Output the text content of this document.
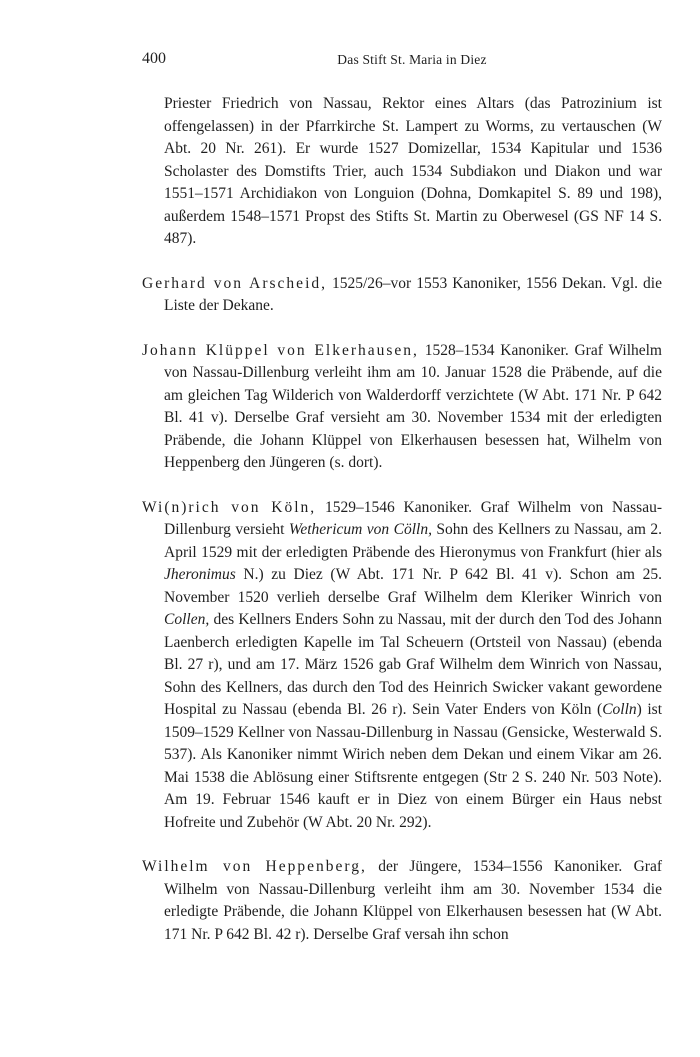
400	Das Stift St. Maria in Diez

Priester Friedrich von Nassau, Rektor eines Altars (das Patrozinium ist offengelassen) in der Pfarrkirche St. Lampert zu Worms, zu vertauschen (W Abt. 20 Nr. 261). Er wurde 1527 Domizellar, 1534 Kapitular und 1536 Scholaster des Domstifts Trier, auch 1534 Subdiakon und Diakon und war 1551–1571 Archidiakon von Longuion (Dohna, Domkapitel S. 89 und 198), außerdem 1548–1571 Propst des Stifts St. Martin zu Oberwesel (GS NF 14 S. 487).

Gerhard von Arscheid, 1525/26–vor 1553 Kanoniker, 1556 Dekan. Vgl. die Liste der Dekane.

Johann Klüppel von Elkerhausen, 1528–1534 Kanoniker. Graf Wilhelm von Nassau-Dillenburg verleiht ihm am 10. Januar 1528 die Präbende, auf die am gleichen Tag Wilderich von Walderdorff verzichtete (W Abt. 171 Nr. P 642 Bl. 41 v). Derselbe Graf versieht am 30. November 1534 mit der erledigten Präbende, die Johann Klüppel von Elkerhausen besessen hat, Wilhelm von Heppenberg den Jüngeren (s. dort).

Wi(n)rich von Köln, 1529–1546 Kanoniker. Graf Wilhelm von Nassau-Dillenburg versieht Wethericum von Cölln, Sohn des Kellners zu Nassau, am 2. April 1529 mit der erledigten Präbende des Hieronymus von Frankfurt (hier als Jheronimus N.) zu Diez (W Abt. 171 Nr. P 642 Bl. 41 v). Schon am 25. November 1520 verlieh derselbe Graf Wilhelm dem Kleriker Winrich von Collen, des Kellners Enders Sohn zu Nassau, mit der durch den Tod des Johann Laenberch erledigten Kapelle im Tal Scheuern (Ortsteil von Nassau) (ebenda Bl. 27 r), und am 17. März 1526 gab Graf Wilhelm dem Winrich von Nassau, Sohn des Kellners, das durch den Tod des Heinrich Swicker vakant gewordene Hospital zu Nassau (ebenda Bl. 26 r). Sein Vater Enders von Köln (Colln) ist 1509–1529 Kellner von Nassau-Dillenburg in Nassau (Gensicke, Westerwald S. 537). Als Kanoniker nimmt Wirich neben dem Dekan und einem Vikar am 26. Mai 1538 die Ablösung einer Stiftsrente entgegen (Str 2 S. 240 Nr. 503 Note). Am 19. Februar 1546 kauft er in Diez von einem Bürger ein Haus nebst Hofreite und Zubehör (W Abt. 20 Nr. 292).

Wilhelm von Heppenberg, der Jüngere, 1534–1556 Kanoniker. Graf Wilhelm von Nassau-Dillenburg verleiht ihm am 30. November 1534 die erledigte Präbende, die Johann Klüppel von Elkerhausen besessen hat (W Abt. 171 Nr. P 642 Bl. 42 r). Derselbe Graf versah ihn schon
